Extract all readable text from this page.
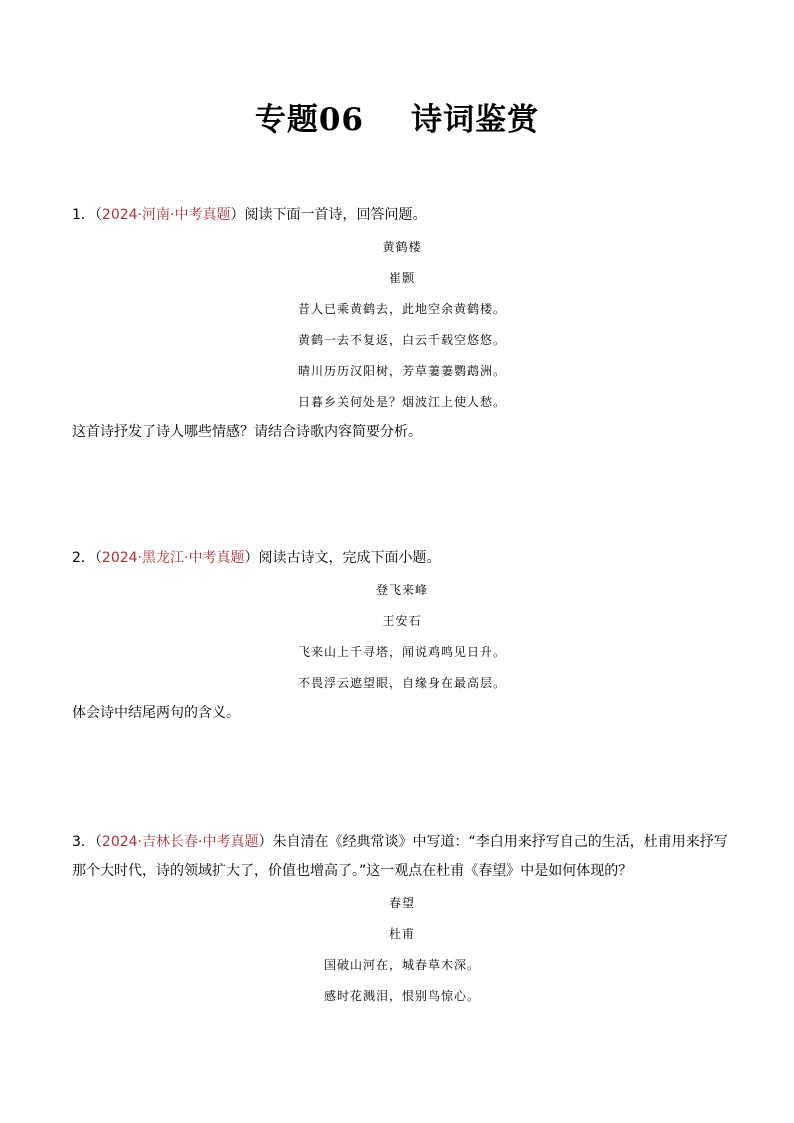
专题06    诗词鉴赏
1．（2024·河南·中考真题）阅读下面一首诗，回答问题。
黄鹤楼
崔颢
昔人已乘黄鹤去，此地空余黄鹤楼。
黄鹤一去不复返，白云千载空悠悠。
晴川历历汉阳树，芳草萋萋鹦鹉洲。
日暮乡关何处是？烟波江上使人愁。
这首诗抒发了诗人哪些情感？请结合诗歌内容简要分析。
2．（2024·黑龙江·中考真题）阅读古诗文，完成下面小题。
登飞来峰
王安石
飞来山上千寻塔，闻说鸡鸣见日升。
不畏浮云遮望眼，自缘身在最高层。
体会诗中结尾两句的含义。
3．（2024·吉林长春·中考真题）朱自清在《经典常谈》中写道：“李白用来抒写自己的生活，杜甫用来抒写那个大时代，诗的领域扩大了，价值也增高了。”这一观点在杜甫《春望》中是如何体现的？
春望
杜甫
国破山河在，城春草木深。
感时花溅泪，恨别鸟惊心。
